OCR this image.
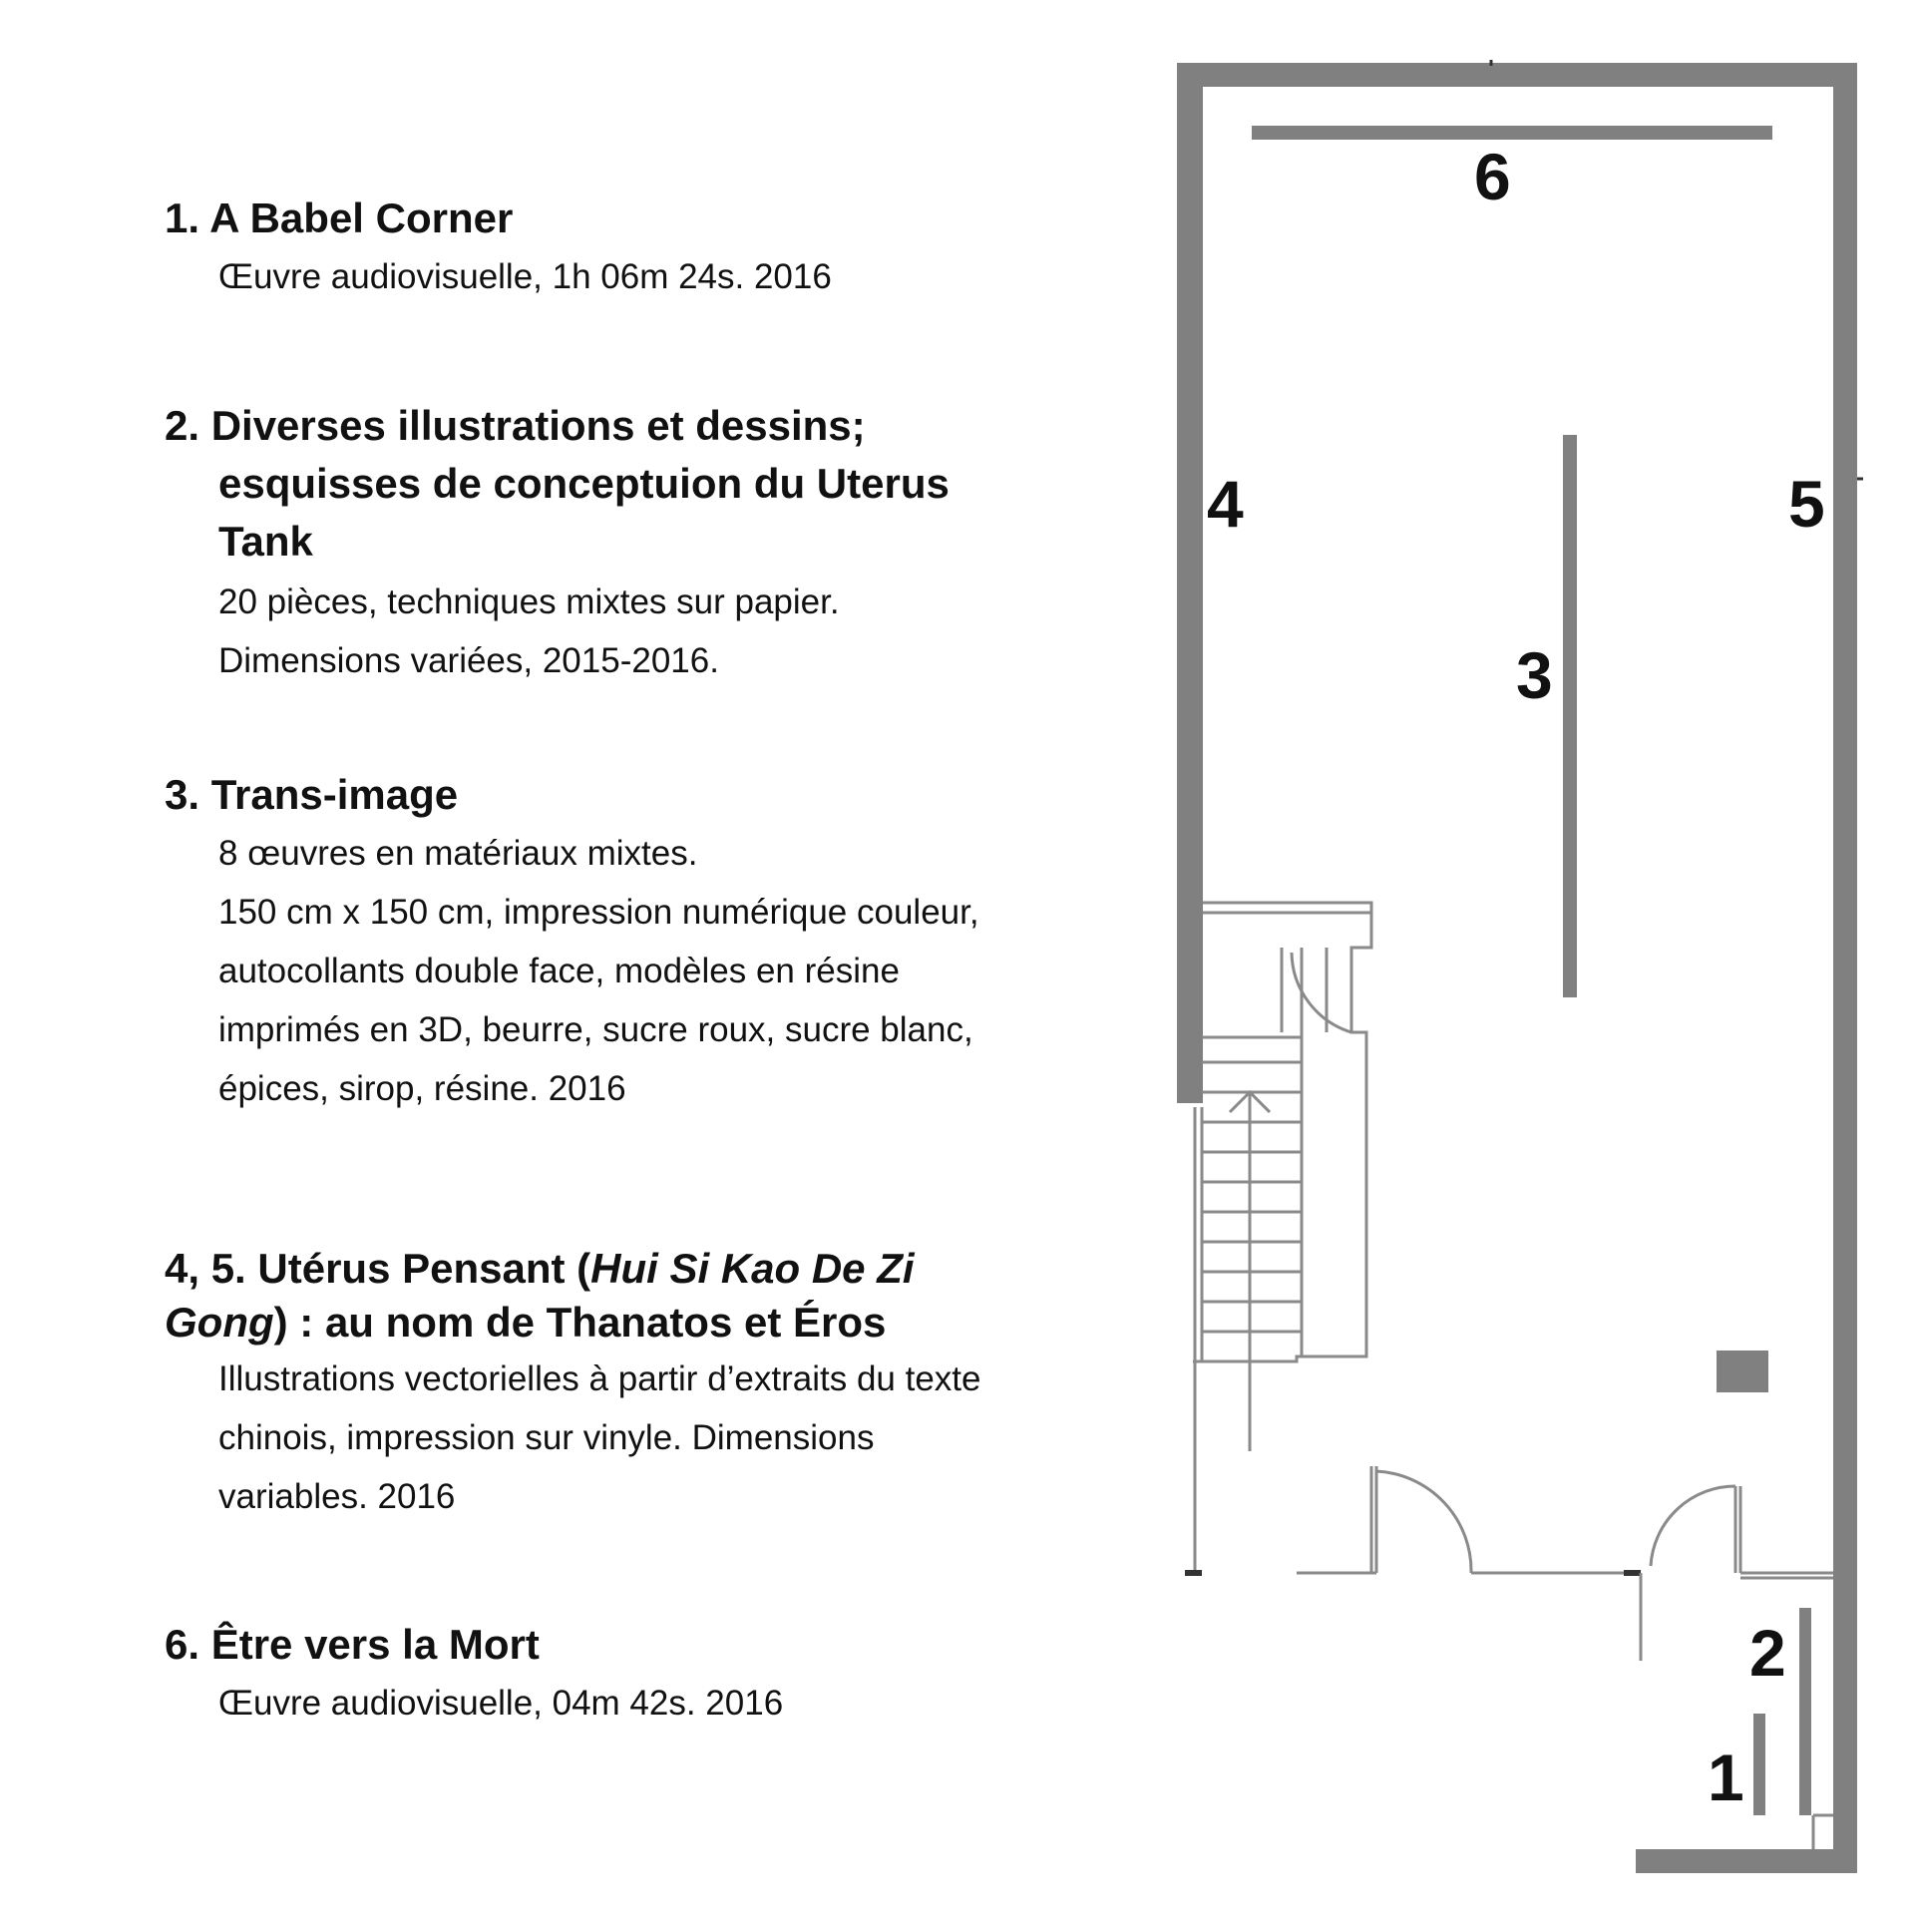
1. A Babel Corner

Œuvre audiovisuelle, 1h 06m 24s. 2016

2. Diverses illustrations et dessins; esquisses de conceptuion du Uterus Tank

20 pièces, techniques mixtes sur papier.
Dimensions variées, 2015-2016.

3. Trans-image

8 œuvres en matériaux mixtes.
150 cm x 150 cm, impression numérique couleur,
autocollants double face, modèles en résine
imprimés en 3D, beurre, sucre roux, sucre blanc,
épices, sirop, résine. 2016

4, 5. Utérus Pensant (Hui Si Kao De Zi Gong) : au nom de Thanatos et Éros

Illustrations vectorielles à partir d’extraits du texte
chinois, impression sur vinyle. Dimensions
variables. 2016

6. Être vers la Mort

Œuvre audiovisuelle, 04m 42s. 2016
6
4	5
3
2
1
